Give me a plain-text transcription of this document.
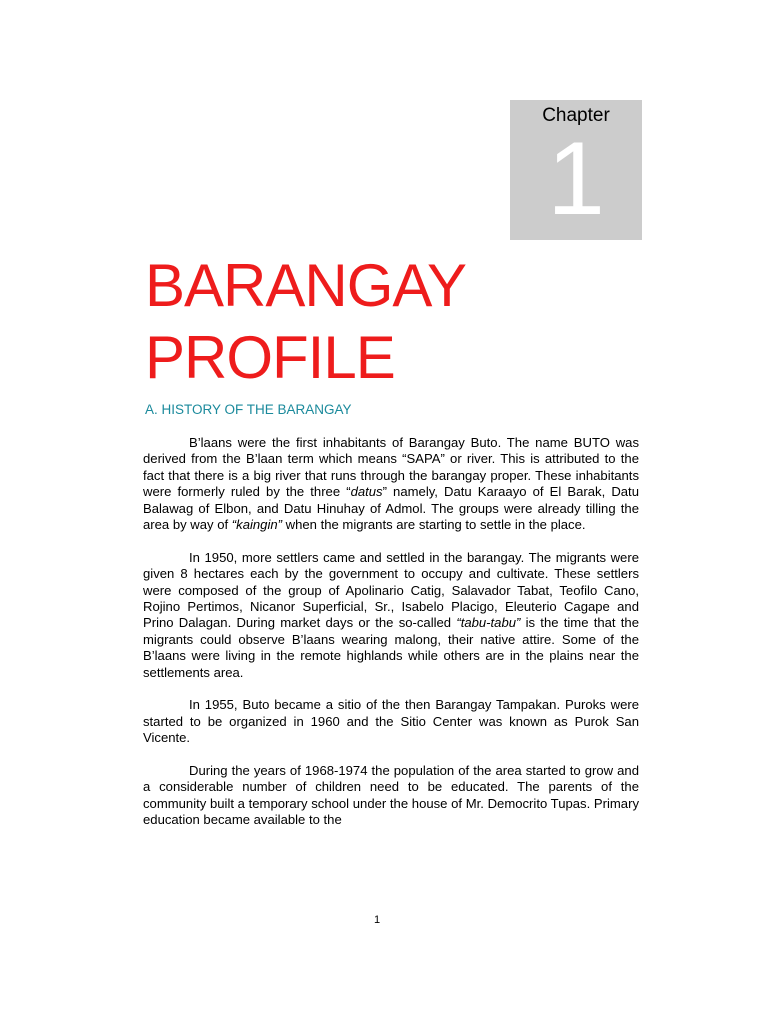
Chapter
1
BARANGAY
PROFILE
A. HISTORY OF THE BARANGAY

B’laans were the first inhabitants of Barangay Buto. The name BUTO was derived from the B’laan term which means “SAPA” or river. This is attributed to the fact that there is a big river that runs through the barangay proper. These inhabitants were formerly ruled by the three “datus” namely, Datu Karaayo of El Barak, Datu Balawag of Elbon, and Datu Hinuhay of Admol. The groups were already tilling the area by way of “kaingin” when the migrants are starting to settle in the place.

In 1950, more settlers came and settled in the barangay. The migrants were given 8 hectares each by the government to occupy and cultivate. These settlers were composed of the group of Apolinario Catig, Salavador Tabat, Teofilo Cano, Rojino Pertimos, Nicanor Superficial, Sr., Isabelo Placigo, Eleuterio Cagape and Prino Dalagan. During market days or the so-called “tabu-tabu” is the time that the migrants could observe B’laans wearing malong, their native attire. Some of the B’laans were living in the remote highlands while others are in the plains near the settlements area.

In 1955, Buto became a sitio of the then Barangay Tampakan. Puroks were started to be organized in 1960 and the Sitio Center was known as Purok San Vicente.

During the years of 1968-1974 the population of the area started to grow and a considerable number of children need to be educated. The parents of the community built a temporary school under the house of Mr. Democrito Tupas. Primary education became available to the

1
